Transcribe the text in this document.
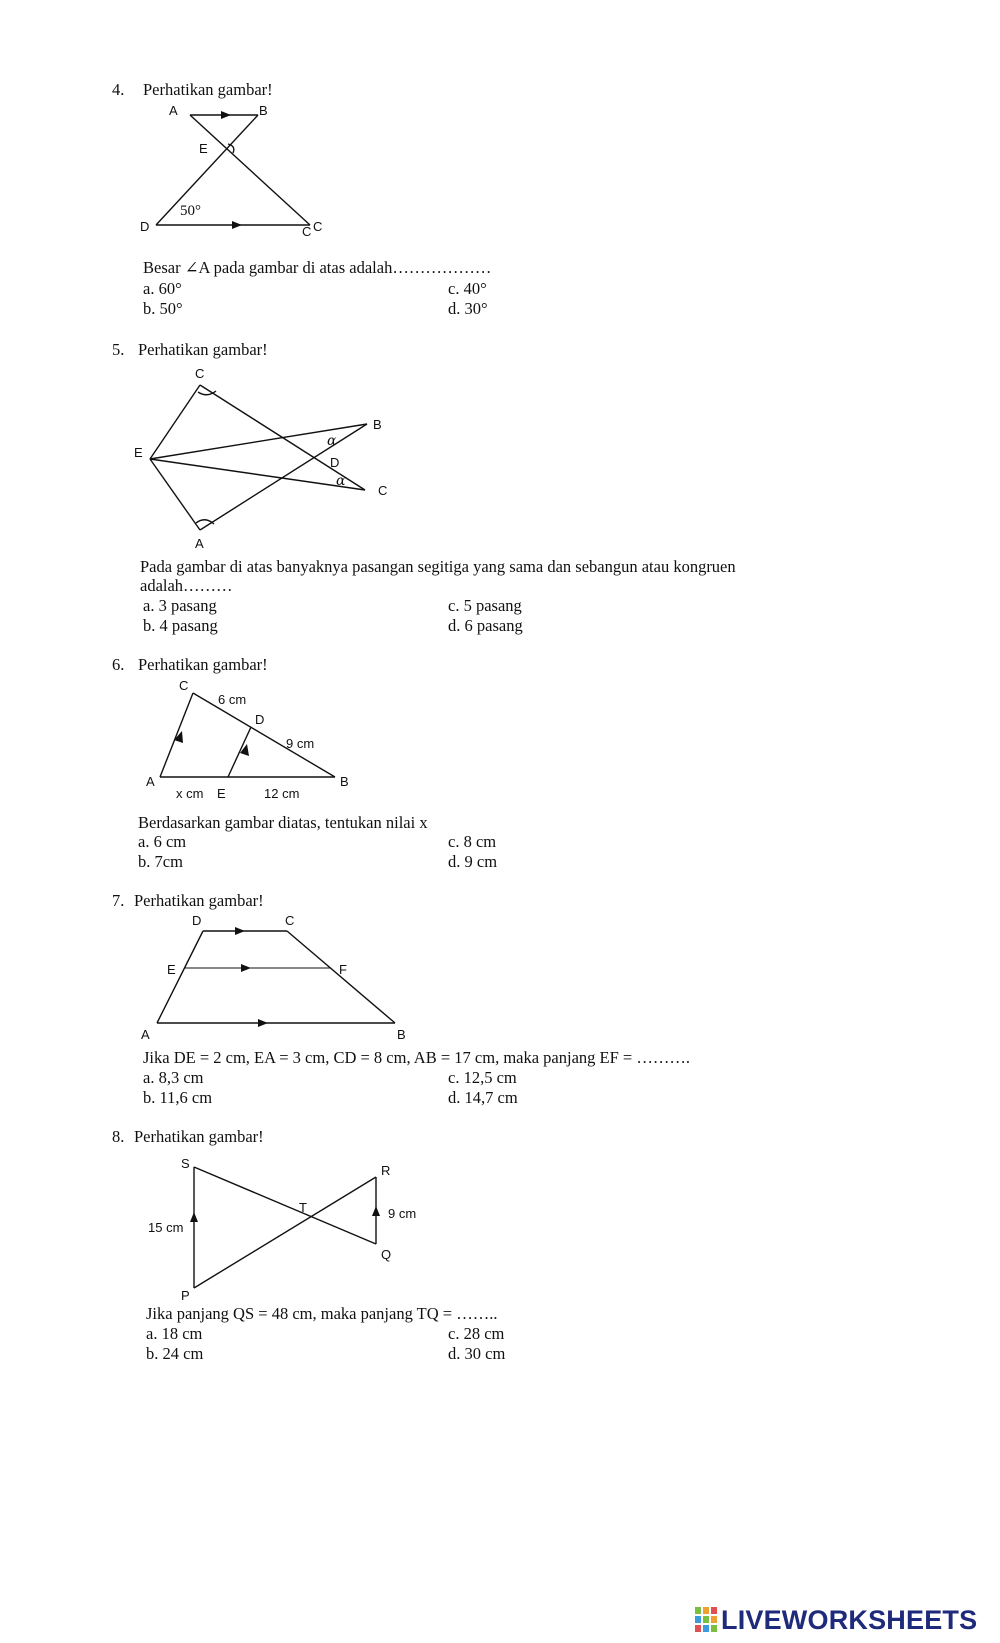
4. Perhatikan gambar!
A	B
E
D	C C
50°
Besar ∠A pada gambar di atas adalah………………
a. 60°
b. 50°
c. 40°
d. 30°
5. Perhatikan gambar!
C
B
E
D
C
A
α
α
Pada gambar di atas banyaknya pasangan segitiga yang sama dan sebangun atau kongruen
adalah………
a. 3 pasang
b. 4 pasang
c. 5 pasang
d. 6 pasang
6. Perhatikan gambar!
C
6 cm
D
9 cm
A	B
x cm E	12 cm
Berdasarkan gambar diatas, tentukan nilai x
a. 6 cm
b. 7cm
c. 8 cm
d. 9 cm
7. Perhatikan gambar!
D	C
E	F
A	B
Jika DE = 2 cm, EA = 3 cm, CD = 8 cm, AB = 17 cm, maka panjang EF = ……….
a. 8,3 cm
b. 11,6 cm
c. 12,5 cm
d. 14,7 cm
8. Perhatikan gambar!
S	R
T
15 cm
9 cm
Q
P
Jika panjang QS = 48 cm, maka panjang TQ = ……..
a. 18 cm
b. 24 cm
c. 28 cm
d. 30 cm
LIVEWORKSHEETS
